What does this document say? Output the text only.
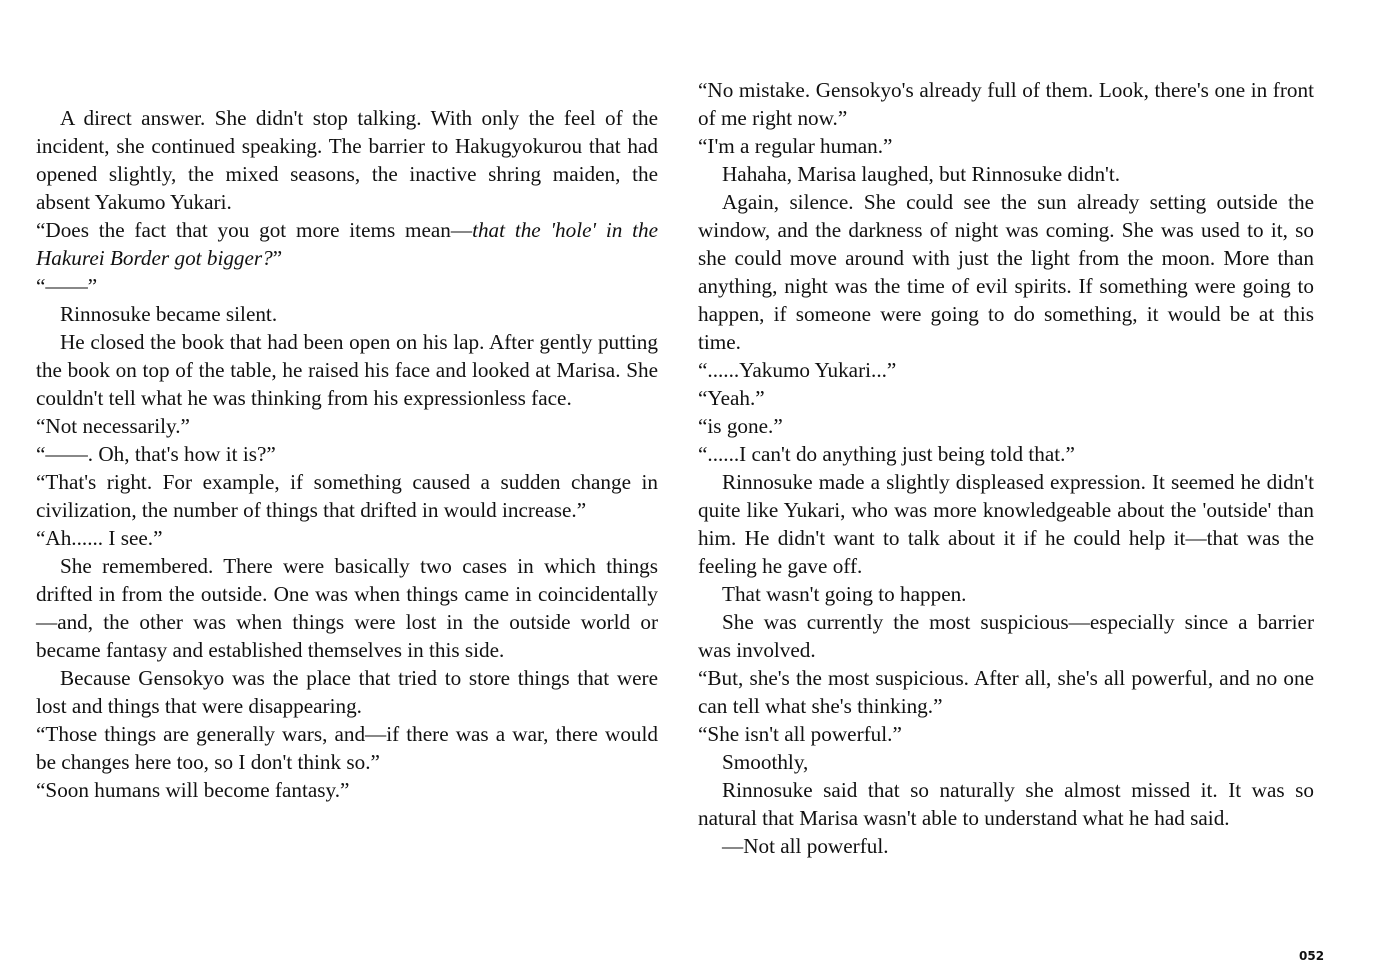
A direct answer. She didn't stop talking. With only the feel of the incident, she continued speaking. The barrier to Hakugyokurou that had opened slightly, the mixed seasons, the inactive shring maiden, the absent Yakumo Yukari.

“Does the fact that you got more items mean—that the 'hole' in the Hakurei Border got bigger?”

“——”

Rinnosuke became silent.

He closed the book that had been open on his lap. After gently putting the book on top of the table, he raised his face and looked at Marisa. She couldn't tell what he was thinking from his expressionless face.

“Not necessarily.”

“——. Oh, that's how it is?”

“That's right. For example, if something caused a sudden change in civilization, the number of things that drifted in would increase.”

“Ah...... I see.”

She remembered. There were basically two cases in which things drifted in from the outside. One was when things came in coincidentally—and, the other was when things were lost in the outside world or became fantasy and established themselves in this side.

Because Gensokyo was the place that tried to store things that were lost and things that were disappearing.

“Those things are generally wars, and—if there was a war, there would be changes here too, so I don't think so.”

“Soon humans will become fantasy.”

“No mistake. Gensokyo's already full of them. Look, there's one in front of me right now.”

“I'm a regular human.”

Hahaha, Marisa laughed, but Rinnosuke didn't.

Again, silence. She could see the sun already setting outside the window, and the darkness of night was coming. She was used to it, so she could move around with just the light from the moon. More than anything, night was the time of evil spirits. If something were going to happen, if someone were going to do something, it would be at this time.

“......Yakumo Yukari...”

“Yeah.”

“is gone.”

“......I can't do anything just being told that.”

Rinnosuke made a slightly displeased expression. It seemed he didn't quite like Yukari, who was more knowledgeable about the 'outside' than him. He didn't want to talk about it if he could help it—that was the feeling he gave off.

That wasn't going to happen.

She was currently the most suspicious—especially since a barrier was involved.

“But, she's the most suspicious. After all, she's all powerful, and no one can tell what she's thinking.”

“She isn't all powerful.”

Smoothly,

Rinnosuke said that so naturally she almost missed it. It was so natural that Marisa wasn't able to understand what he had said.

—Not all powerful.

052
